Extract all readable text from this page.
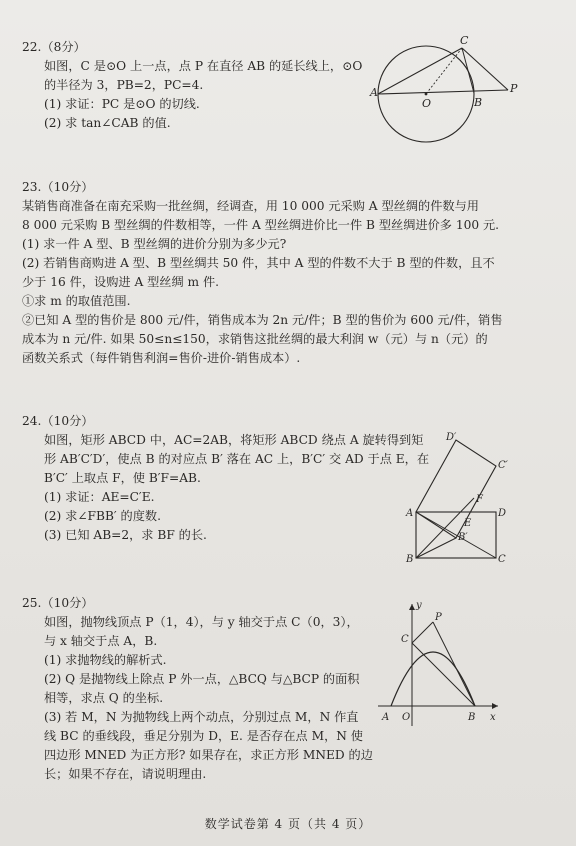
22.（8分）
如图，C 是⊙O 上一点，点 P 在直径 AB 的延长线上，⊙O
的半径为 3，PB=2，PC=4.
(1) 求证：PC 是⊙O 的切线.
(2) 求 tan∠CAB 的值.
A
O	B
P
C
23.（10分）
某销售商准备在南充采购一批丝绸，经调查，用 10 000 元采购 A 型丝绸的件数与用
8 000 元采购 B 型丝绸的件数相等，一件 A 型丝绸进价比一件 B 型丝绸进价多 100 元.
(1) 求一件 A 型、B 型丝绸的进价分别为多少元?
(2) 若销售商购进 A 型、B 型丝绸共 50 件，其中 A 型的件数不大于 B 型的件数，且不
少于 16 件，设购进 A 型丝绸 m 件.
①求 m 的取值范围.
②已知 A 型的售价是 800 元/件，销售成本为 2n 元/件；B 型的售价为 600 元/件，销售
成本为 n 元/件. 如果 50≤n≤150，求销售这批丝绸的最大利润 w（元）与 n（元）的
函数关系式（每件销售利润=售价-进价-销售成本）.
24.（10分）
如图，矩形 ABCD 中，AC=2AB，将矩形 ABCD 绕点 A 旋转得到矩
形 AB′C′D′，使点 B 的对应点 B′ 落在 AC 上，B′C′ 交 AD 于点 E，在
B′C′ 上取点 F，使 B′F=AB.
(1) 求证：AE=C′E.
(2) 求∠FBB′ 的度数.
(3) 已知 AB=2，求 BF 的长.
D′
C′
A	D
B	C
F
E
B′
25.（10分）
如图，抛物线顶点 P（1，4），与 y 轴交于点 C（0，3），
与 x 轴交于点 A，B.
(1) 求抛物线的解析式.
(2) Q 是抛物线上除点 P 外一点，△BCQ 与△BCP 的面积
相等，求点 Q 的坐标.
(3) 若 M，N 为抛物线上两个动点，分别过点 M，N 作直
线 BC 的垂线段，垂足分别为 D，E. 是否存在点 M，N 使
四边形 MNED 为正方形? 如果存在，求正方形 MNED 的边
长；如果不存在，请说明理由.
y
P
C
A O	B x
数学试卷第 4 页（共 4 页）
